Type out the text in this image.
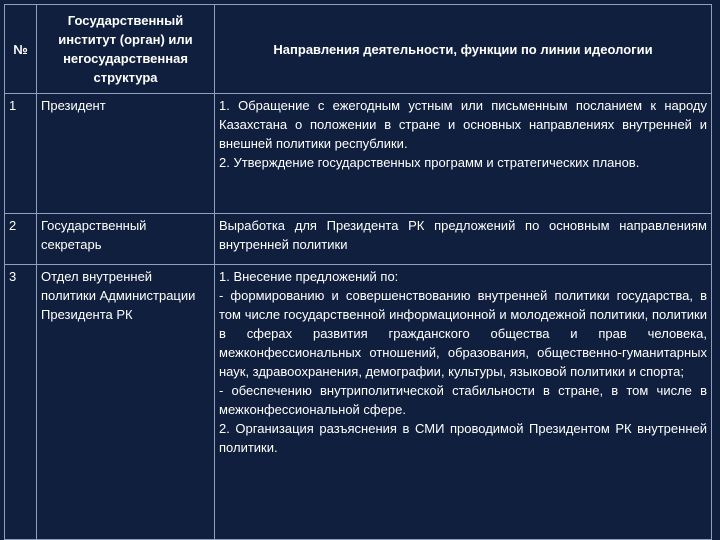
№	Государственный институт (орган) или негосударственная структура	Направления деятельности, функции по линии идеологии
1	Президент	1. Обращение с ежегодным устным или письменным посланием к народу Казахстана о положении в стране и основных направлениях внутренней и внешней политики республики.
2. Утверждение государственных программ и стратегических планов.

2	Государственный секретарь	Выработка для Президента РК предложений по основным направлениям внутренней политики

3	Отдел внутренней политики Администрации Президента РК	1. Внесение предложений по:
- формированию и совершенствованию внутренней политики государства, в том числе государственной информационной и молодежной политики, политики в сферах развития гражданского общества и прав человека, межконфессиональных отношений, образования, общественно-гуманитарных наук, здравоохранения, демографии, культуры, языковой политики и спорта;
- обеспечению внутриполитической стабильности в стране, в том числе в межконфессиональной сфере.
2. Организация разъяснения в СМИ проводимой Президентом РК внутренней политики.
